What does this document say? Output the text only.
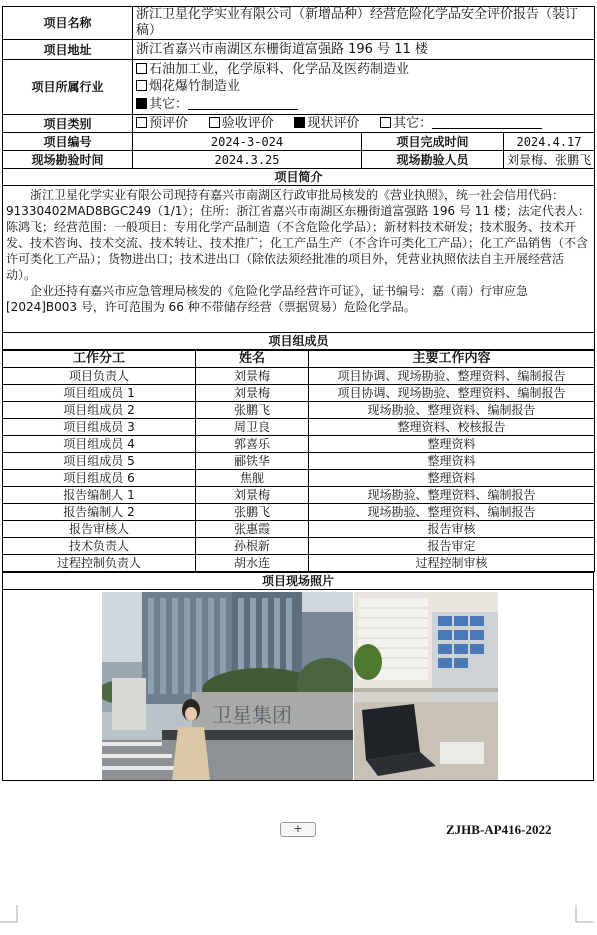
项目名称	浙江卫星化学实业有限公司（新增品种）经营危险化学品安全评价报告（装订稿）		
项目地址	浙江省嘉兴市南湖区东栅街道富强路 196 号 11 楼		
项目所属行业	石油加工业，化学原料、化学品及医药制造业
烟花爆竹制造业
其它：		

项目类别	预评价 验收评价 现状评价 其它：		
项目编号	2024-3-024	项目完成时间	2024.4.17
现场勘验时间	2024.3.25	现场勘验人员	刘景梅、张鹏飞
项目简介			

浙江卫星化学实业有限公司现持有嘉兴市南湖区行政审批局核发的《营业执照》，统一社会信用代码：91330402MAD8BGC249（1/1）；住所：浙江省嘉兴市南湖区东栅街道富强路 196 号 11 楼；法定代表人：陈鸿飞；经营范围：一般项目：专用化学产品制造（不含危险化学品）；新材料技术研发；技术服务、技术开发、技术咨询、技术交流、技术转让、技术推广；化工产品生产（不含许可类化工产品）；化工产品销售（不含许可类化工产品）；货物进出口；技术进出口（除依法须经批准的项目外，凭营业执照依法自主开展经营活动）。

企业还持有嘉兴市应急管理局核发的《危险化学品经营许可证》，证书编号：嘉（南）行审应急[2024]B003 号，许可范围为 66 种不带储存经营（票据贸易）危险化学品。			

项目组成员			
工作分工	姓名	主要工作内容
项目负责人	刘景梅	项目协调、现场勘验、整理资料、编制报告
项目组成员 1	刘景梅	项目协调、现场勘验、整理资料、编制报告
项目组成员 2	张鹏飞	现场勘验、整理资料、编制报告
项目组成员 3	周卫良	整理资料、校核报告
项目组成员 4	郭喜乐	整理资料
项目组成员 5	郦铁华	整理资料
项目组成员 6	焦舰	整理资料
报告编制人 1	刘景梅	现场勘验、整理资料、编制报告
报告编制人 2	张鹏飞	现场勘验、整理资料、编制报告
报告审核人	张惠霞	报告审核
技术负责人	孙根新	报告审定
过程控制负责人	胡水连	过程控制审核
项目现场照片

卫星集团
+	ZJHB-AP416-2022
